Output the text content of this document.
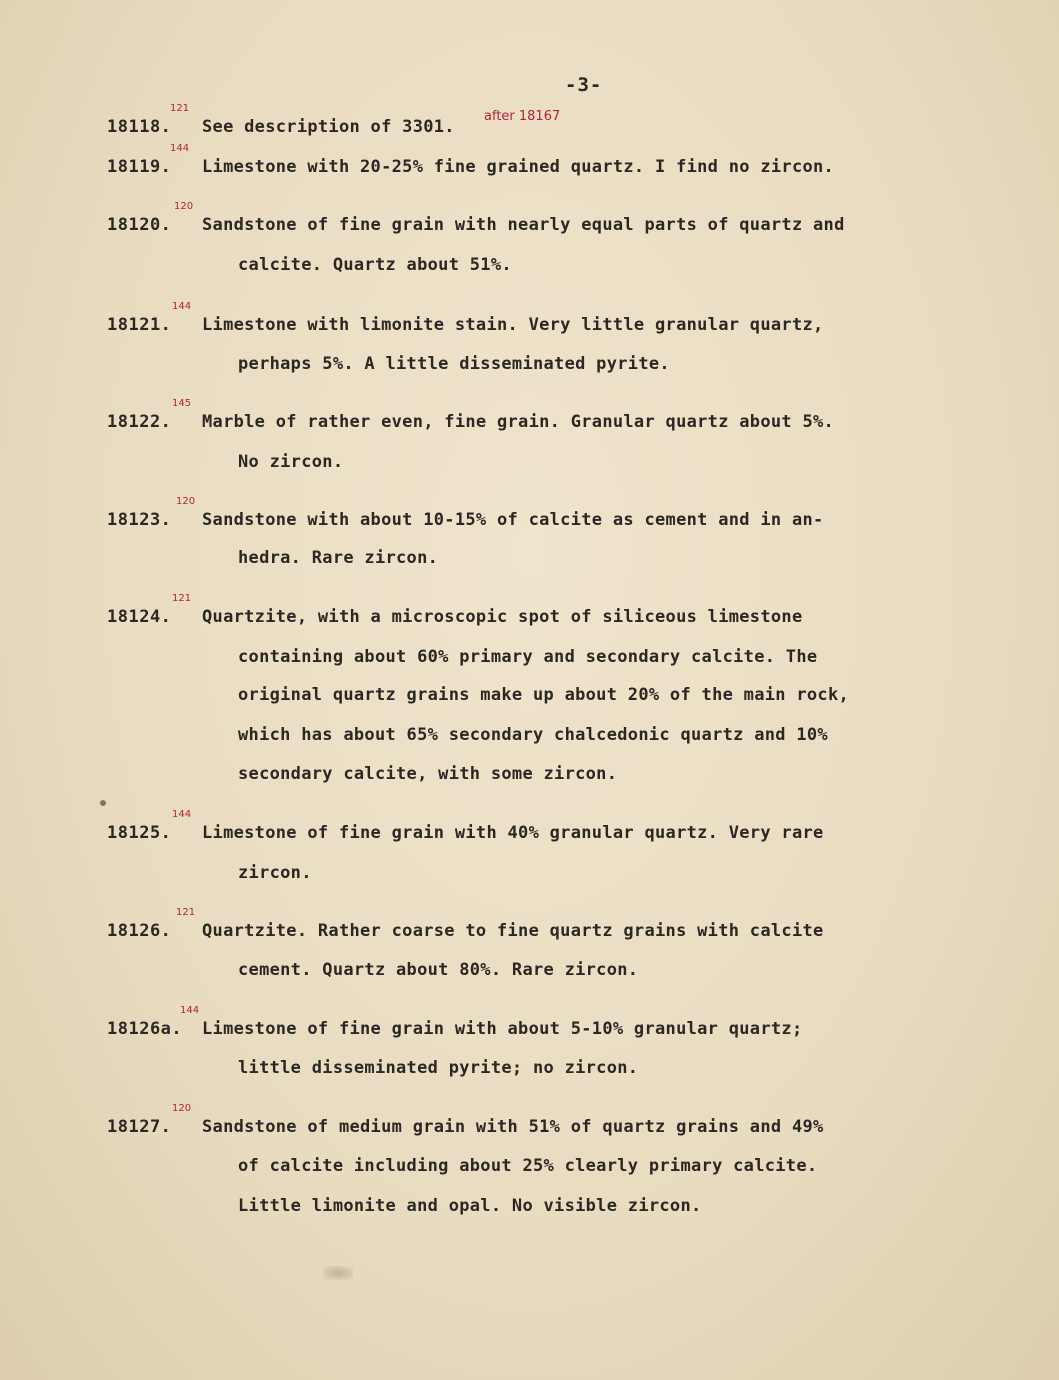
-3-
18118.
121
See description of 3301.
after 18167
18119.
144
Limestone with 20-25% fine grained quartz. I find no zircon.
18120.
120
Sandstone of fine grain with nearly equal parts of quartz and
calcite. Quartz about 51%.
18121.
144
Limestone with limonite stain. Very little granular quartz,
perhaps 5%. A little disseminated pyrite.
18122.
145
Marble of rather even, fine grain. Granular quartz about 5%.
No zircon.
18123.
120
Sandstone with about 10-15% of calcite as cement and in an-
hedra. Rare zircon.
18124.
121
Quartzite, with a microscopic spot of siliceous limestone
containing about 60% primary and secondary calcite. The
original quartz grains make up about 20% of the main rock,
which has about 65% secondary chalcedonic quartz and 10%
secondary calcite, with some zircon.
18125.
144
Limestone of fine grain with 40% granular quartz. Very rare
zircon.
18126.
121
Quartzite. Rather coarse to fine quartz grains with calcite
cement. Quartz about 80%. Rare zircon.
18126a.
144
Limestone of fine grain with about 5-10% granular quartz;
little disseminated pyrite; no zircon.
18127.
120
Sandstone of medium grain with 51% of quartz grains and 49%
of calcite including about 25% clearly primary calcite.
Little limonite and opal. No visible zircon.
